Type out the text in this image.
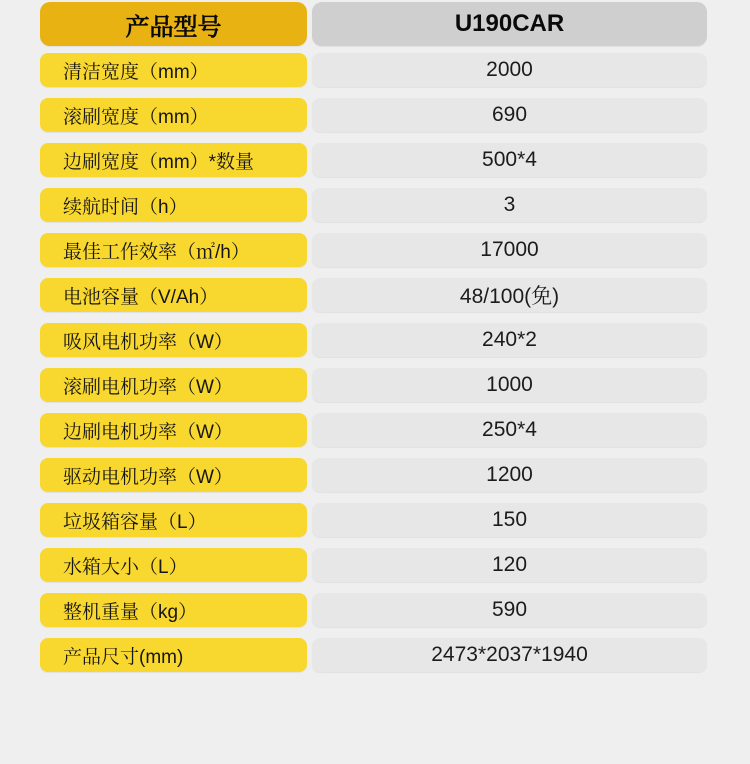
产品型号	U190CAR
清洁宽度（mm）	2000
滚刷宽度（mm）	690
边刷宽度（mm）*数量	500*4
续航时间（h）	3
最佳工作效率（㎡/h）	17000
电池容量（V/Ah）	48/100(免)
吸风电机功率（W）	240*2
滚刷电机功率（W）	1000
边刷电机功率（W）	250*4
驱动电机功率（W）	1200
垃圾箱容量（L）	150
水箱大小（L）	120
整机重量（kg）	590
产品尺寸(mm)	2473*2037*1940
